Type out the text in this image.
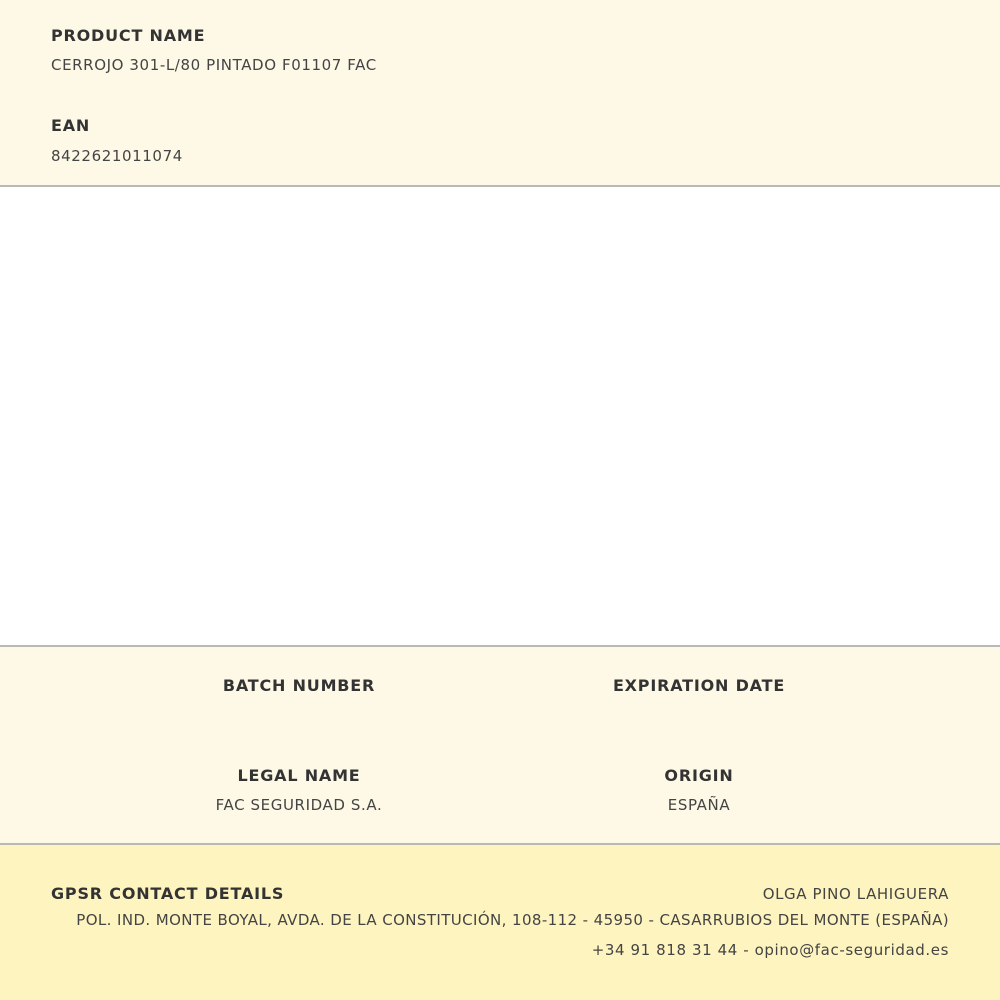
PRODUCT NAME
CERROJO 301-L/80 PINTADO F01107 FAC
EAN
8422621011074
BATCH NUMBER	EXPIRATION DATE
LEGAL NAME
FAC SEGURIDAD S.A.
ORIGIN
ESPAÑA
GPSR CONTACT DETAILS	OLGA PINO LAHIGUERA
POL. IND. MONTE BOYAL, AVDA. DE LA CONSTITUCIÓN, 108-112 - 45950 - CASARRUBIOS DEL MONTE (ESPAÑA)
+34 91 818 31 44 - opino@fac-seguridad.es
